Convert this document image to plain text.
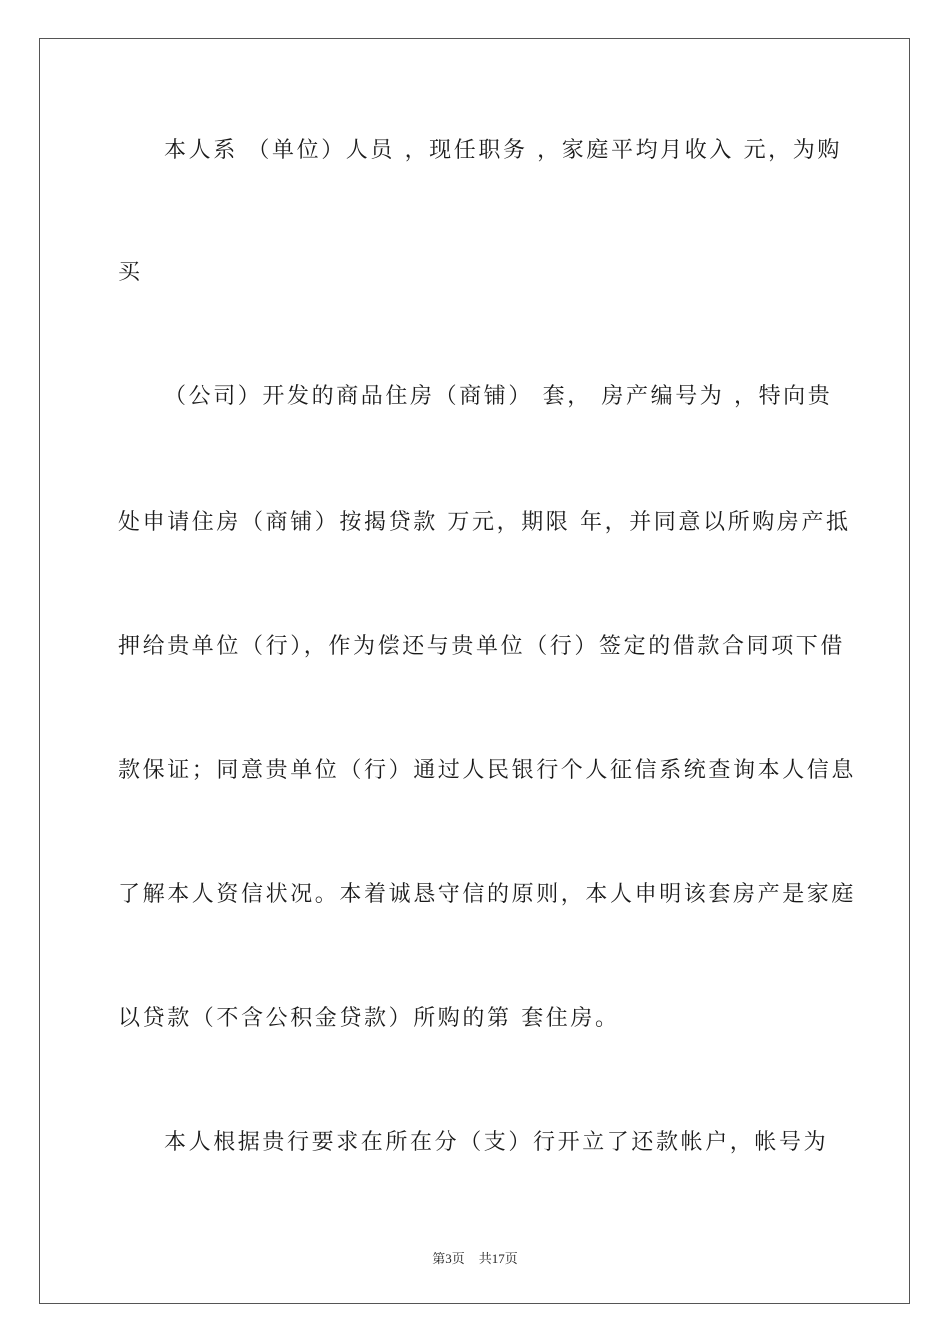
本人系 （单位）人员 ，现任职务 ，家庭平均月收入 元，为购
买
（公司）开发的商品住房（商铺） 套， 房产编号为 ，特向贵
处申请住房（商铺）按揭贷款 万元，期限 年，并同意以所购房产抵
押给贵单位（行），作为偿还与贵单位（行）签定的借款合同项下借
款保证；同意贵单位（行）通过人民银行个人征信系统查询本人信息
了解本人资信状况。本着诚恳守信的原则，本人申明该套房产是家庭
以贷款（不含公积金贷款）所购的第 套住房。
本人根据贵行要求在所在分（支）行开立了还款帐户，帐号为
第3页 共17页
